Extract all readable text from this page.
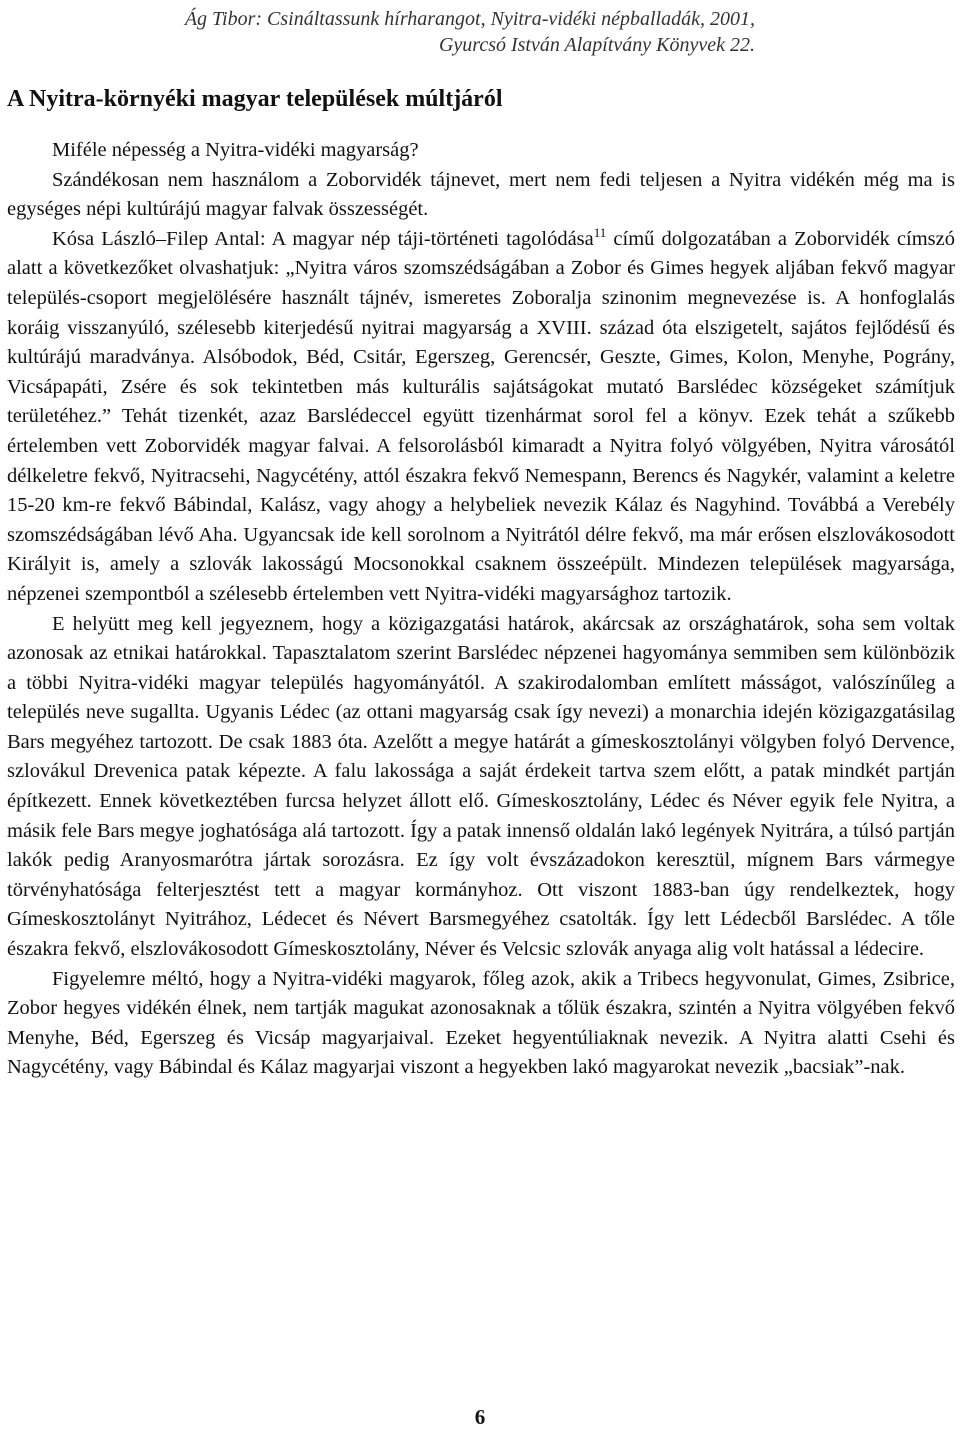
Ág Tibor: Csináltassunk hírharangot, Nyitra-vidéki népballadák, 2001,
Gyurcsó István Alapítvány Könyvek 22.
A Nyitra-környéki magyar települések múltjáról

Miféle népesség a Nyitra-vidéki magyarság?

Szándékosan nem használom a Zoborvidék tájnevet, mert nem fedi teljesen a Nyitra vidékén még ma is egységes népi kultúrájú magyar falvak összességét.

Kósa László–Filep Antal: A magyar nép táji-történeti tagolódása$^{11}$ című dolgozatában a Zoborvidék címszó alatt a következőket olvashatjuk: „Nyitra város szomszédságában a Zobor és Gimes hegyek aljában fekvő magyar település-csoport megjelölésére használt tájnév, ismeretes Zoboralja szinonim megnevezése is. A honfoglalás koráig visszanyúló, szélesebb kiterjedésű nyitrai magyarság a XVIII. század óta elszigetelt, sajátos fejlődésű és kultúrájú maradványa. Alsóbodok, Béd, Csitár, Egerszeg, Gerencsér, Geszte, Gimes, Kolon, Menyhe, Pográny, Vicsápapáti, Zsére és sok tekintetben más kulturális sajátságokat mutató Barslédec községeket számítjuk területéhez.” Tehát tizenkét, azaz Barslédeccel együtt tizenhármat sorol fel a könyv. Ezek tehát a szűkebb értelemben vett Zoborvidék magyar falvai. A felsorolásból kimaradt a Nyitra folyó völgyében, Nyitra városától délkeletre fekvő, Nyitracsehi, Nagycétény, attól északra fekvő Nemespann, Berencs és Nagykér, valamint a keletre 15-20 km-re fekvő Bábindal, Kalász, vagy ahogy a helybeliek nevezik Kálaz és Nagyhind. Továbbá a Verebély szomszédságában lévő Aha. Ugyancsak ide kell sorolnom a Nyitrától délre fekvő, ma már erősen elszlovákosodott Királyit is, amely a szlovák lakosságú Mocsonokkal csaknem összeépült. Mindezen települések magyarsága, népzenei szempontból a szélesebb értelemben vett Nyitra-vidéki magyarsághoz tartozik.

E helyütt meg kell jegyeznem, hogy a közigazgatási határok, akárcsak az országhatárok, soha sem voltak azonosak az etnikai határokkal. Tapasztalatom szerint Barslédec népzenei hagyománya semmiben sem különbözik a többi Nyitra-vidéki magyar település hagyományától. A szakirodalomban említett másságot, valószínűleg a település neve sugallta. Ugyanis Lédec (az ottani magyarság csak így nevezi) a monarchia idején közigazgatásilag Bars megyéhez tartozott. De csak 1883 óta. Azelőtt a megye határát a gímeskosztolányi völgyben folyó Dervence, szlovákul Drevenica patak képezte. A falu lakossága a saját érdekeit tartva szem előtt, a patak mindkét partján építkezett. Ennek következtében furcsa helyzet állott elő. Gímeskosztolány, Lédec és Néver egyik fele Nyitra, a másik fele Bars megye joghatósága alá tartozott. Így a patak innenső oldalán lakó legények Nyitrára, a túlsó partján lakók pedig Aranyosmarótra jártak sorozásra. Ez így volt évszázadokon keresztül, mígnem Bars vármegye törvényhatósága felterjesztést tett a magyar kormányhoz. Ott viszont 1883-ban úgy rendelkeztek, hogy Gímeskosztolányt Nyitrához, Lédecet és Névert Barsmegyéhez csatolták. Így lett Lédecből Barslédec. A tőle északra fekvő, elszlovákosodott Gímeskosztolány, Néver és Velcsic szlovák anyaga alig volt hatással a lédecire.

Figyelemre méltó, hogy a Nyitra-vidéki magyarok, főleg azok, akik a Tribecs hegyvonulat, Gimes, Zsibrice, Zobor hegyes vidékén élnek, nem tartják magukat azonosaknak a tőlük északra, szintén a Nyitra völgyében fekvő Menyhe, Béd, Egerszeg és Vicsáp magyarjaival. Ezeket hegyentúliaknak nevezik. A Nyitra alatti Csehi és Nagycétény, vagy Bábindal és Kálaz magyarjai viszont a hegyekben lakó magyarokat nevezik „bacsiak”-nak.

6
